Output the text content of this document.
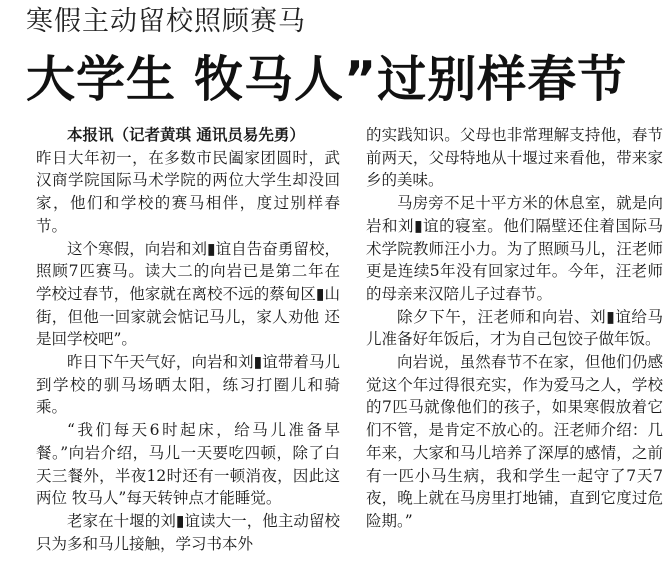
寒假主动留校照顾赛马
大学生 牧马人”过别样春节

本报讯（记者黄琪 通讯员易先勇）

昨日大年初一，在多数市民阖家团圆时，武汉商学院国际马术学院的两位大学生却没回家，他们和学校的赛马相伴，度过别样春节。

这个寒假，向岩和刘▮谊自告奋勇留校，照顾7匹赛马。读大二的向岩已是第二年在学校过春节，他家就在离校不远的蔡甸区▮山街，但他一回家就会惦记马儿，家人劝他 还是回学校吧”。

昨日下午天气好，向岩和刘▮谊带着马儿到学校的驯马场晒太阳，练习打圈儿和骑乘。

“我们每天6时起床，给马儿准备早餐。”向岩介绍，马儿一天要吃四顿，除了白天三餐外，半夜12时还有一顿消夜，因此这两位 牧马人”每天转钟点才能睡觉。

老家在十堰的刘▮谊读大一，他主动留校只为多和马儿接触，学习书本外

的实践知识。父母也非常理解支持他，春节前两天，父母特地从十堰过来看他，带来家乡的美味。

马房旁不足十平方米的休息室，就是向岩和刘▮谊的寝室。他们隔壁还住着国际马术学院教师汪小力。为了照顾马儿，汪老师更是连续5年没有回家过年。今年，汪老师的母亲来汉陪儿子过春节。

除夕下午，汪老师和向岩、刘▮谊给马儿准备好年饭后，才为自己包饺子做年饭。

向岩说，虽然春节不在家，但他们仍感觉这个年过得很充实，作为爱马之人，学校的7匹马就像他们的孩子，如果寒假放着它们不管，是肯定不放心的。汪老师介绍：几年来，大家和马儿培养了深厚的感情，之前有一匹小马生病，我和学生一起守了7天7夜，晚上就在马房里打地铺，直到它度过危险期。”
